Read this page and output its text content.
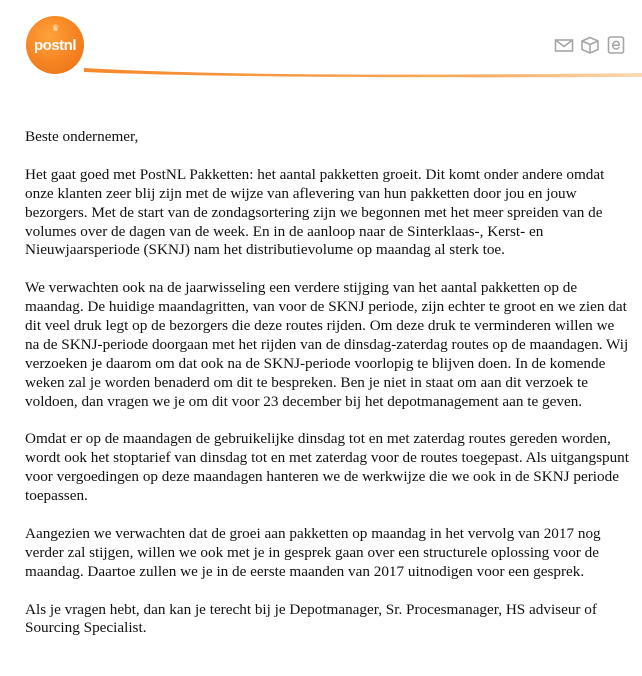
♛
postnl

Beste ondernemer,

Het gaat goed met PostNL Pakketten: het aantal pakketten groeit. Dit komt onder andere omdat onze klanten zeer blij zijn met de wijze van aflevering van hun pakketten door jou en jouw bezorgers. Met de start van de zondagsortering zijn we begonnen met het meer spreiden van de volumes over de dagen van de week. En in de aanloop naar de Sinterklaas-, Kerst- en Nieuwjaarsperiode (SKNJ) nam het distributievolume op maandag al sterk toe.

We verwachten ook na de jaarwisseling een verdere stijging van het aantal pakketten op de maandag. De huidige maandagritten, van voor de SKNJ periode, zijn echter te groot en we zien dat dit veel druk legt op de bezorgers die deze routes rijden. Om deze druk te verminderen willen we na de SKNJ-periode doorgaan met het rijden van de dinsdag-zaterdag routes op de maandagen. Wij verzoeken je daarom om dat ook na de SKNJ-periode voorlopig te blijven doen. In de komende weken zal je worden benaderd om dit te bespreken. Ben je niet in staat om aan dit verzoek te voldoen, dan vragen we je om dit voor 23 december bij het depotmanagement aan te geven.

Omdat er op de maandagen de gebruikelijke dinsdag tot en met zaterdag routes gereden worden, wordt ook het stoptarief van dinsdag tot en met zaterdag voor de routes toegepast. Als uitgangspunt voor vergoedingen op deze maandagen hanteren we de werkwijze die we ook in de SKNJ periode toepassen.

Aangezien we verwachten dat de groei aan pakketten op maandag in het vervolg van 2017 nog verder zal stijgen, willen we ook met je in gesprek gaan over een structurele oplossing voor de maandag. Daartoe zullen we je in de eerste maanden van 2017 uitnodigen voor een gesprek.

Als je vragen hebt, dan kan je terecht bij je Depotmanager, Sr. Procesmanager, HS adviseur of Sourcing Specialist.
